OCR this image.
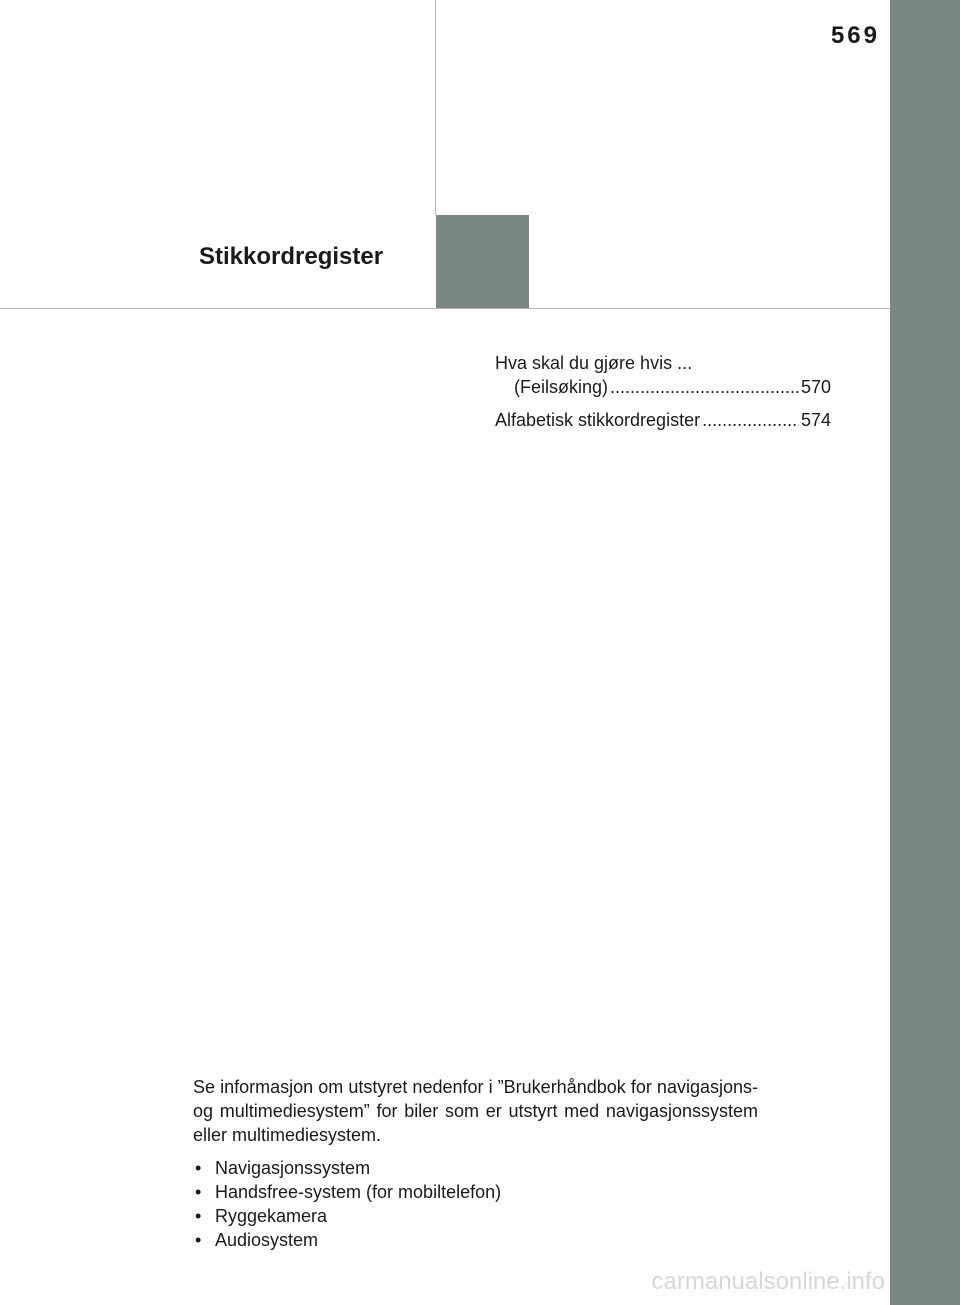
569
Stikkordregister
Hva skal du gjøre hvis ...
(Feilsøking) .....	570
Alfabetisk stikkordregister .....	574

Se informasjon om utstyret nedenfor i ”Brukerhåndbok for navigasjons- og multimediesystem” for biler som er utstyrt med navigasjonssystem eller multimediesystem.

• Navigasjonssystem
• Handsfree-system (for mobiltelefon)
• Ryggekamera
• Audiosystem
carmanualsonline.info
